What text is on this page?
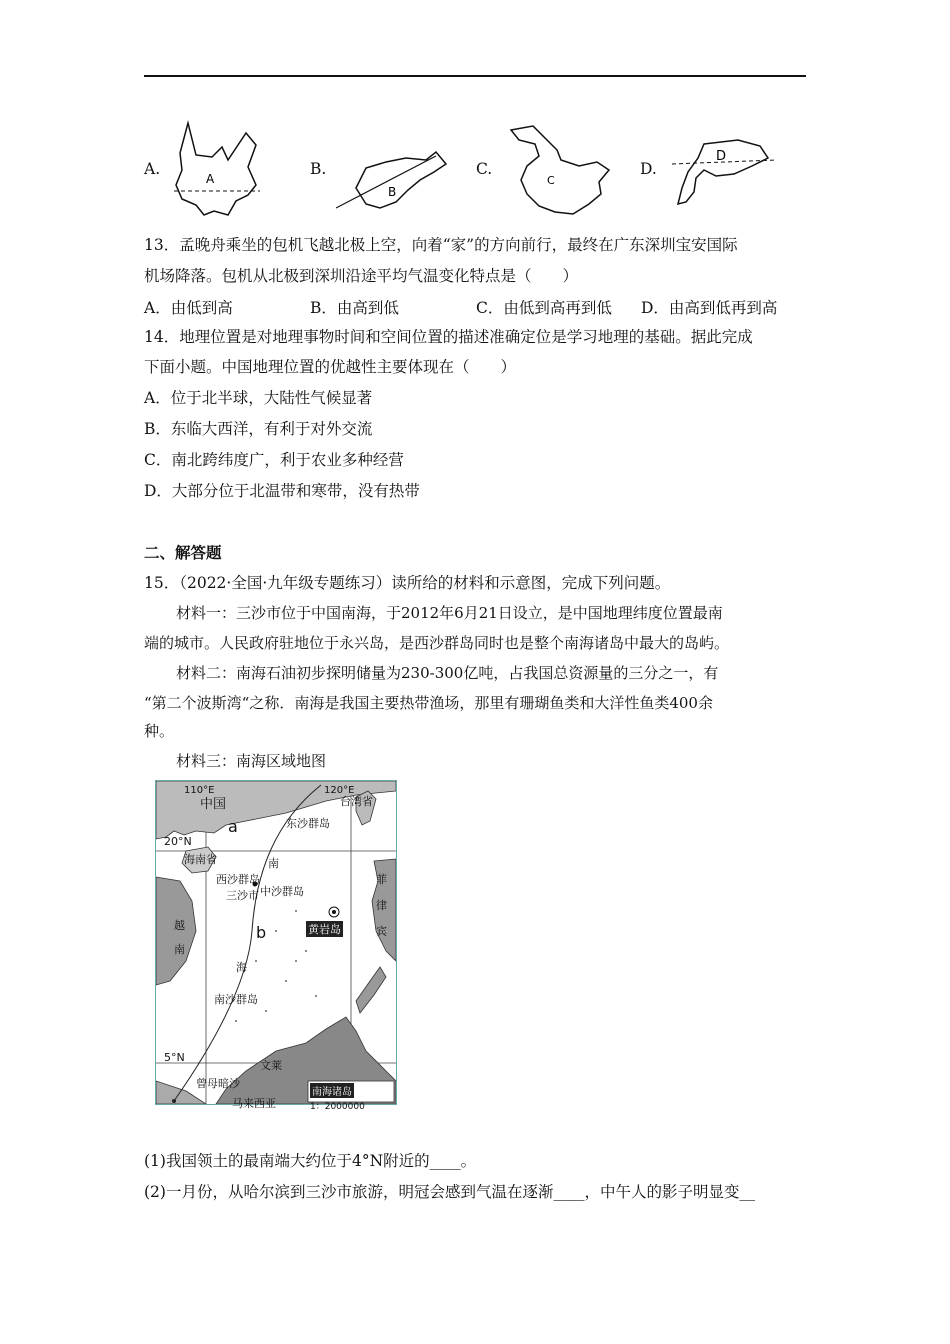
A.
A
B.
B
C.
C
D.
D
13．孟晚舟乘坐的包机飞越北极上空，向着“家”的方向前行，最终在广东深圳宝安国际
机场降落。包机从北极到深圳沿途平均气温变化特点是（　　）
A．由低到高	B．由高到低	C．由低到高再到低 D．由高到低再到高
14．地理位置是对地理事物时间和空间位置的描述准确定位是学习地理的基础。据此完成
下面小题。中国地理位置的优越性主要体现在（　　）
A．位于北半球，大陆性气候显著
B．东临大西洋，有利于对外交流
C．南北跨纬度广，利于农业多种经营
D．大部分位于北温带和寒带，没有热带
二、解答题
15．（2022·全国·九年级专题练习）读所给的材料和示意图，完成下列问题。
材料一：三沙市位于中国南海，于2012年6月21日设立，是中国地理纬度位置最南
端的城市。人民政府驻地位于永兴岛，是西沙群岛同时也是整个南海诸岛中最大的岛屿。
材料二：南海石油初步探明储量为230-300亿吨，占我国总资源量的三分之一，有
“第二个波斯湾“之称．南海是我国主要热带渔场，那里有珊瑚鱼类和大洋性鱼类400余
种。
材料三：南海区域地图
110°E	120°E
中国	台湾省
a	东沙群岛
20°N
海南省	南
西沙群岛
三沙市 中沙群岛
黄岩岛
越
南
b
海
菲
律
宾
南沙群岛
5°N
文莱
曾母暗沙
马来西亚
南海诸岛
1：2000000
(1)我国领土的最南端大约位于4°N附近的____。
(2)一月份，从哈尔滨到三沙市旅游，明冠会感到气温在逐渐____，中午人的影子明显变__
